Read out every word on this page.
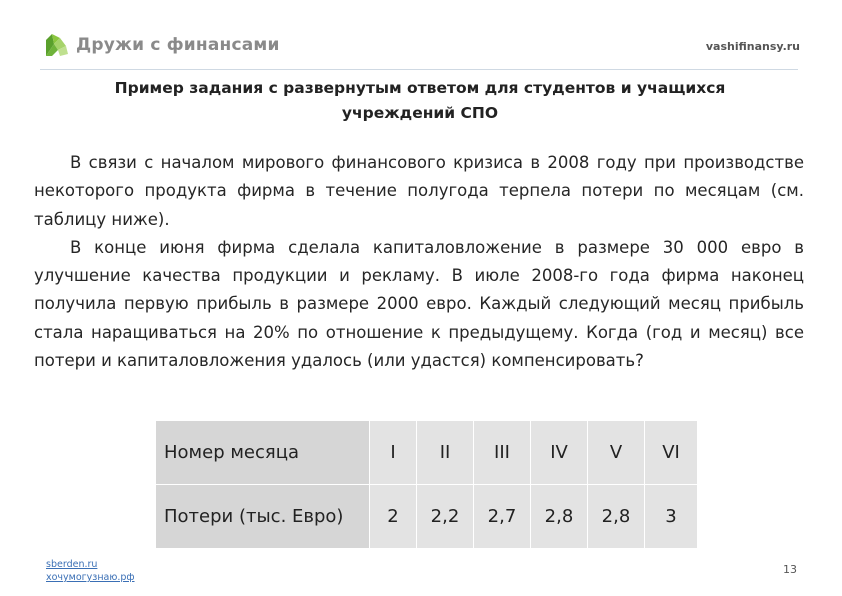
Дружи с финансами	vashifinansy.ru
Пример задания с развернутым ответом для студентов и учащихся
учреждений СПО

В связи с началом мирового финансового кризиса в 2008 году при производстве некоторого продукта фирма в течение полугода терпела потери по месяцам (см. таблицу ниже).

В конце июня фирма сделала капиталовложение в размере 30 000 евро в улучшение качества продукции и рекламу. В июле 2008-го года фирма наконец получила первую прибыль в размере 2000 евро. Каждый следующий месяц прибыль стала наращиваться на 20% по отношение к предыдущему. Когда (год и месяц) все потери и капиталовложения удалось (или удастся) компенсировать?

Номер месяца	I	II	III	IV	V	VI
Потери (тыс. Евро)	2	2,2	2,7	2,8	2,8	3
sberden.ru
хочумогузнаю.рф
13
